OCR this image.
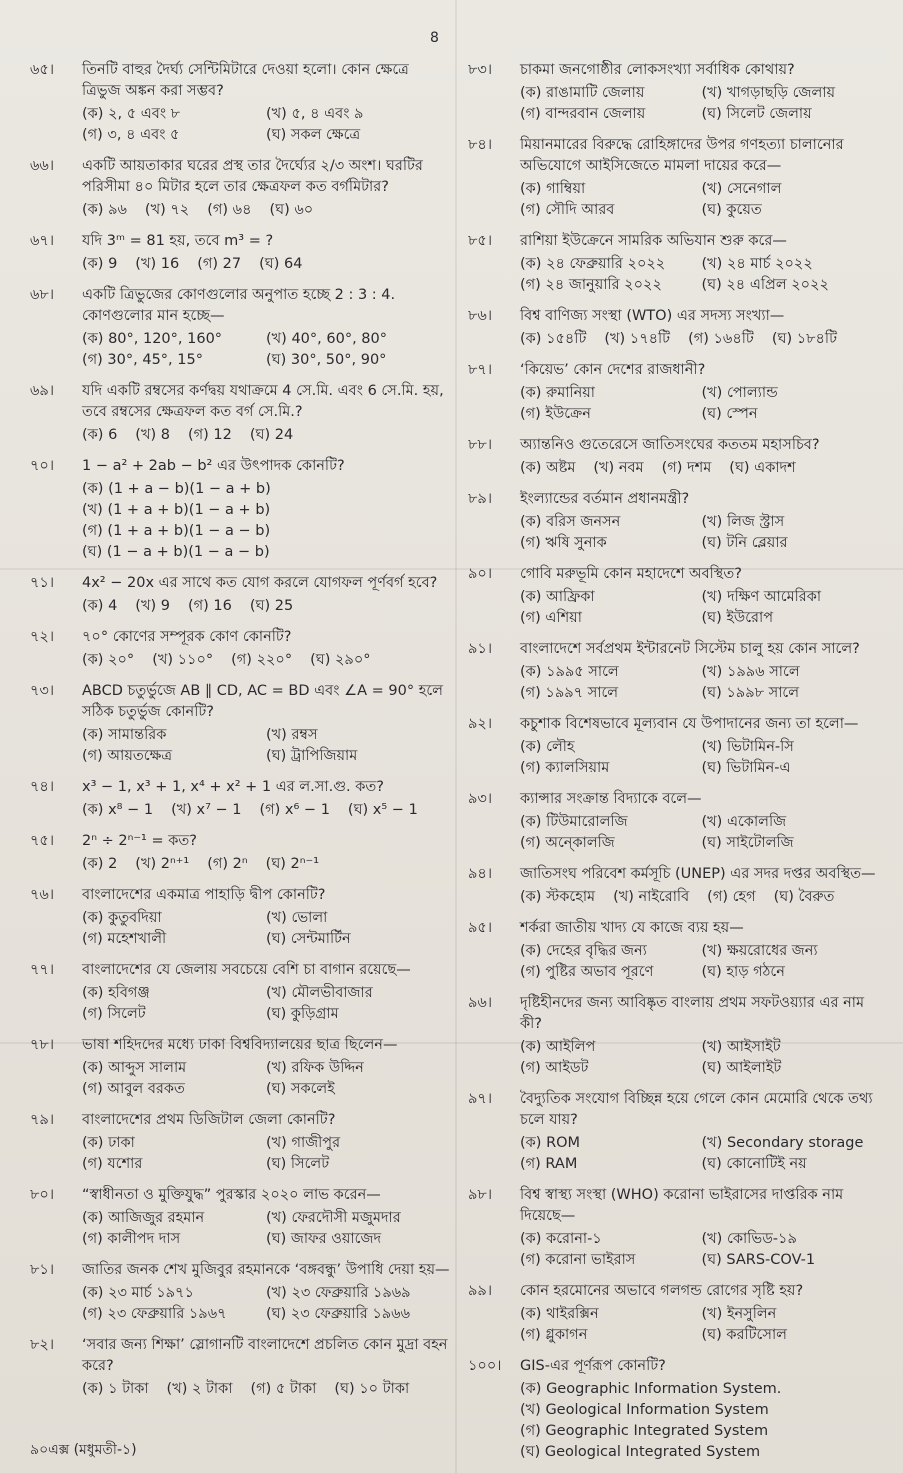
8
৬৫।	তিনটি বাহুর দৈর্ঘ্য সেন্টিমিটারে দেওয়া হলো। কোন ক্ষেত্রে ত্রিভুজ অঙ্কন করা সম্ভব?
(ক) ২, ৫ এবং ৮	(খ) ৫, ৪ এবং ৯
(গ) ৩, ৪ এবং ৫	(ঘ) সকল ক্ষেত্রে
৬৬।	একটি আয়তাকার ঘরের প্রস্থ তার দৈর্ঘ্যের ২/৩ অংশ। ঘরটির পরিসীমা ৪০ মিটার হলে তার ক্ষেত্রফল কত বর্গমিটার?
(ক) ৯৬	(খ) ৭২	(গ) ৬৪	(ঘ) ৬০
৬৭।	যদি 3ᵐ = 81 হয়, তবে m³ = ?
(ক) 9	(খ) 16	(গ) 27	(ঘ) 64
৬৮।	একটি ত্রিভুজের কোণগুলোর অনুপাত হচ্ছে 2 : 3 : 4. কোণগুলোর মান হচ্ছে—
(ক) 80°, 120°, 160°	(খ) 40°, 60°, 80°
(গ) 30°, 45°, 15°	(ঘ) 30°, 50°, 90°
৬৯।	যদি একটি রম্বসের কর্ণদ্বয় যথাক্রমে 4 সে.মি. এবং 6 সে.মি. হয়, তবে রম্বসের ক্ষেত্রফল কত বর্গ সে.মি.?
(ক) 6	(খ) 8	(গ) 12	(ঘ) 24
৭০।	1 − a² + 2ab − b² এর উৎপাদক কোনটি?
(ক) (1 + a − b)(1 − a + b)
(খ) (1 + a + b)(1 − a + b)
(গ) (1 + a + b)(1 − a − b)
(ঘ) (1 − a + b)(1 − a − b)
৭১।	4x² − 20x এর সাথে কত যোগ করলে যোগফল পূর্ণবর্গ হবে?
(ক) 4	(খ) 9	(গ) 16	(ঘ) 25
৭২।	৭০° কোণের সম্পূরক কোণ কোনটি?
(ক) ২০°	(খ) ১১০°	(গ) ২২০°	(ঘ) ২৯০°
৭৩।	ABCD চতুর্ভুজে AB ∥ CD, AC = BD এবং ∠A = 90° হলে সঠিক চতুর্ভুজ কোনটি?
(ক) সামান্তরিক	(খ) রম্বস
(গ) আয়তক্ষেত্র	(ঘ) ট্রাপিজিয়াম
৭৪।	x³ − 1, x³ + 1, x⁴ + x² + 1 এর ল.সা.গু. কত?
(ক) x⁸ − 1	(খ) x⁷ − 1	(গ) x⁶ − 1	(ঘ) x⁵ − 1
৭৫।	2ⁿ ÷ 2ⁿ⁻¹ = কত?
(ক) 2	(খ) 2ⁿ⁺¹	(গ) 2ⁿ	(ঘ) 2ⁿ⁻¹
৭৬।	বাংলাদেশের একমাত্র পাহাড়ি দ্বীপ কোনটি?
(ক) কুতুবদিয়া	(খ) ভোলা
(গ) মহেশখালী	(ঘ) সেন্টমার্টিন
৭৭।	বাংলাদেশের যে জেলায় সবচেয়ে বেশি চা বাগান রয়েছে—
(ক) হবিগঞ্জ	(খ) মৌলভীবাজার
(গ) সিলেট	(ঘ) কুড়িগ্রাম
৭৮।	ভাষা শহিদদের মধ্যে ঢাকা বিশ্ববিদ্যালয়ের ছাত্র ছিলেন—
(ক) আব্দুস সালাম	(খ) রফিক উদ্দিন
(গ) আবুল বরকত	(ঘ) সকলেই
৭৯।	বাংলাদেশের প্রথম ডিজিটাল জেলা কোনটি?
(ক) ঢাকা	(খ) গাজীপুর
(গ) যশোর	(ঘ) সিলেট
৮০।	“স্বাধীনতা ও মুক্তিযুদ্ধ” পুরস্কার ২০২০ লাভ করেন—
(ক) আজিজুর রহমান	(খ) ফেরদৌসী মজুমদার
(গ) কালীপদ দাস	(ঘ) জাফর ওয়াজেদ
৮১।	জাতির জনক শেখ মুজিবুর রহমানকে ‘বঙ্গবন্ধু’ উপাধি দেয়া হয়—
(ক) ২৩ মার্চ ১৯৭১	(খ) ২৩ ফেব্রুয়ারি ১৯৬৯
(গ) ২৩ ফেব্রুয়ারি ১৯৬৭	(ঘ) ২৩ ফেব্রুয়ারি ১৯৬৬
৮২।	‘সবার জন্য শিক্ষা’ স্লোগানটি বাংলাদেশে প্রচলিত কোন মুদ্রা বহন করে?
(ক) ১ টাকা	(খ) ২ টাকা	(গ) ৫ টাকা	(ঘ) ১০ টাকা
৮৩।	চাকমা জনগোষ্ঠীর লোকসংখ্যা সর্বাধিক কোথায়?
(ক) রাঙামাটি জেলায়	(খ) খাগড়াছড়ি জেলায়
(গ) বান্দরবান জেলায়	(ঘ) সিলেট জেলায়
৮৪।	মিয়ানমারের বিরুদ্ধে রোহিঙ্গাদের উপর গণহত্যা চালানোর অভিযোগে আইসিজেতে মামলা দায়ের করে—
(ক) গাম্বিয়া	(খ) সেনেগাল
(গ) সৌদি আরব	(ঘ) কুয়েত
৮৫।	রাশিয়া ইউক্রেনে সামরিক অভিযান শুরু করে—
(ক) ২৪ ফেব্রুয়ারি ২০২২	(খ) ২৪ মার্চ ২০২২
(গ) ২৪ জানুয়ারি ২০২২	(ঘ) ২৪ এপ্রিল ২০২২
৮৬।	বিশ্ব বাণিজ্য সংস্থা (WTO) এর সদস্য সংখ্যা—
(ক) ১৫৪টি	(খ) ১৭৪টি	(গ) ১৬৪টি	(ঘ) ১৮৪টি
৮৭।	‘কিয়েভ’ কোন দেশের রাজধানী?
(ক) রুমানিয়া	(খ) পোল্যান্ড
(গ) ইউক্রেন	(ঘ) স্পেন
৮৮।	অ্যান্তনিও গুতেরেসে জাতিসংঘের কততম মহাসচিব?
(ক) অষ্টম	(খ) নবম	(গ) দশম	(ঘ) একাদশ
৮৯।	ইংল্যান্ডের বর্তমান প্রধানমন্ত্রী?
(ক) বরিস জনসন	(খ) লিজ স্ট্রাস
(গ) ঋষি সুনাক	(ঘ) টনি ব্লেয়ার
৯০।	গোবি মরুভূমি কোন মহাদেশে অবস্থিত?
(ক) আফ্রিকা	(খ) দক্ষিণ আমেরিকা
(গ) এশিয়া	(ঘ) ইউরোপ
৯১।	বাংলাদেশে সর্বপ্রথম ইন্টারনেট সিস্টেম চালু হয় কোন সালে?
(ক) ১৯৯৫ সালে	(খ) ১৯৯৬ সালে
(গ) ১৯৯৭ সালে	(ঘ) ১৯৯৮ সালে
৯২।	কচুশাক বিশেষভাবে মূল্যবান যে উপাদানের জন্য তা হলো—
(ক) লৌহ	(খ) ভিটামিন-সি
(গ) ক্যালসিয়াম	(ঘ) ভিটামিন-এ
৯৩।	ক্যান্সার সংক্রান্ত বিদ্যাকে বলে—
(ক) টিউমারোলজি	(খ) একোলজি
(গ) অন্কোলজি	(ঘ) সাইটোলজি
৯৪।	জাতিসংঘ পরিবেশ কর্মসূচি (UNEP) এর সদর দপ্তর অবস্থিত—
(ক) স্টকহোম	(খ) নাইরোবি	(গ) হেগ	(ঘ) বৈরুত
৯৫।	শর্করা জাতীয় খাদ্য যে কাজে ব্যয় হয়—
(ক) দেহের বৃদ্ধির জন্য	(খ) ক্ষয়রোধের জন্য
(গ) পুষ্টির অভাব পূরণে	(ঘ) হাড় গঠনে
৯৬।	দৃষ্টিহীনদের জন্য আবিষ্কৃত বাংলায় প্রথম সফটওয়্যার এর নাম কী?
(ক) আইলিপ	(খ) আইসাইট
(গ) আইডট	(ঘ) আইলাইট
৯৭।	বৈদ্যুতিক সংযোগ বিচ্ছিন্ন হয়ে গেলে কোন মেমোরি থেকে তথ্য চলে যায়?
(ক) ROM	(খ) Secondary storage
(গ) RAM	(ঘ) কোনোটিই নয়
৯৮।	বিশ্ব স্বাস্থ্য সংস্থা (WHO) করোনা ভাইরাসের দাপ্তরিক নাম দিয়েছে—
(ক) করোনা-১	(খ) কোভিড-১৯
(গ) করোনা ভাইরাস	(ঘ) SARS-COV-1
৯৯।	কোন হরমোনের অভাবে গলগন্ড রোগের সৃষ্টি হয়?
(ক) থাইরক্সিন	(খ) ইনসুলিন
(গ) গ্লুকাগন	(ঘ) করটিসোল
১০০।	GIS-এর পূর্ণরূপ কোনটি?
(ক) Geographic Information System.
(খ) Geological Information System
(গ) Geographic Integrated System
(ঘ) Geological Integrated System
৯০এক্স (মধুমতী-১)
